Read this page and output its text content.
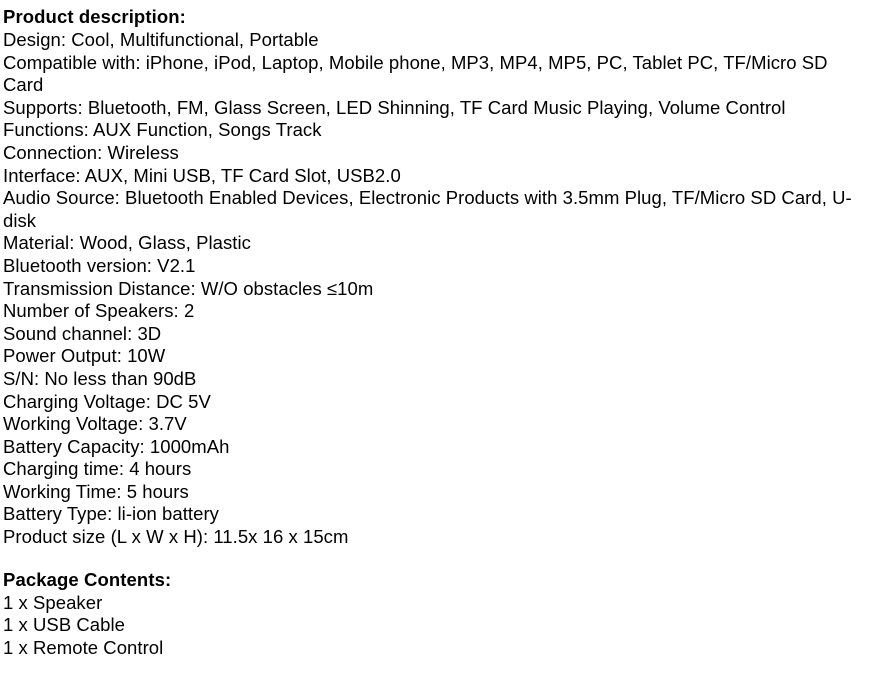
Product description:
Design: Cool, Multifunctional, Portable
Compatible with: iPhone, iPod, Laptop, Mobile phone, MP3, MP4, MP5, PC, Tablet PC, TF/Micro SD Card
Supports: Bluetooth, FM, Glass Screen, LED Shinning, TF Card Music Playing, Volume Control
Functions: AUX Function, Songs Track
Connection: Wireless
Interface: AUX, Mini USB, TF Card Slot, USB2.0
Audio Source: Bluetooth Enabled Devices, Electronic Products with 3.5mm Plug, TF/Micro SD Card, U-disk
Material: Wood, Glass, Plastic
Bluetooth version: V2.1
Transmission Distance: W/O obstacles ≤10m
Number of Speakers: 2
Sound channel: 3D
Power Output: 10W
S/N: No less than 90dB
Charging Voltage: DC 5V
Working Voltage: 3.7V
Battery Capacity: 1000mAh
Charging time: 4 hours
Working Time: 5 hours
Battery Type: li-ion battery
Product size (L x W x H): 11.5x 16 x 15cm
Package Contents:
1 x Speaker
1 x USB Cable
1 x Remote Control
